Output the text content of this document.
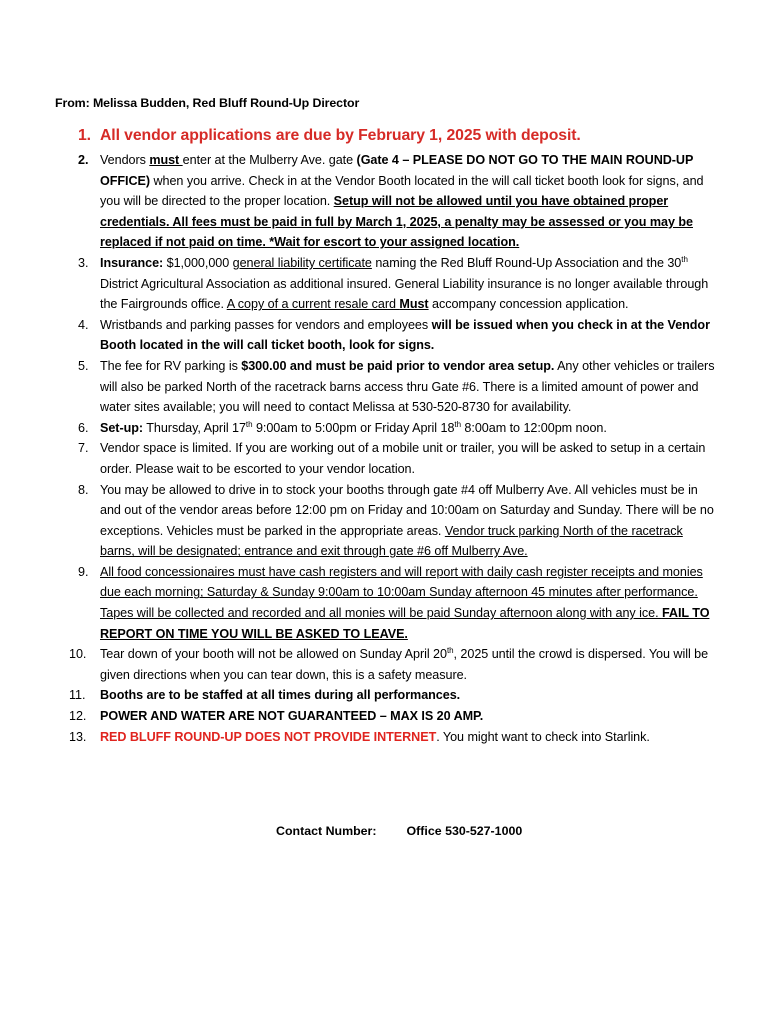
From: Melissa Budden, Red Bluff Round-Up Director
1. All vendor applications are due by February 1, 2025 with deposit.
2. Vendors must enter at the Mulberry Ave. gate (Gate 4 – PLEASE DO NOT GO TO THE MAIN ROUND-UP OFFICE) when you arrive. Check in at the Vendor Booth located in the will call ticket booth look for signs, and you will be directed to the proper location. Setup will not be allowed until you have obtained proper credentials. All fees must be paid in full by March 1, 2025, a penalty may be assessed or you may be replaced if not paid on time. *Wait for escort to your assigned location.
3. Insurance: $1,000,000 general liability certificate naming the Red Bluff Round-Up Association and the 30th District Agricultural Association as additional insured. General Liability insurance is no longer available through the Fairgrounds office. A copy of a current resale card Must accompany concession application.
4. Wristbands and parking passes for vendors and employees will be issued when you check in at the Vendor Booth located in the will call ticket booth, look for signs.
5. The fee for RV parking is $300.00 and must be paid prior to vendor area setup. Any other vehicles or trailers will also be parked North of the racetrack barns access thru Gate #6. There is a limited amount of power and water sites available; you will need to contact Melissa at 530-520-8730 for availability.
6. Set-up: Thursday, April 17th 9:00am to 5:00pm or Friday April 18th 8:00am to 12:00pm noon.
7. Vendor space is limited. If you are working out of a mobile unit or trailer, you will be asked to setup in a certain order. Please wait to be escorted to your vendor location.
8. You may be allowed to drive in to stock your booths through gate #4 off Mulberry Ave. All vehicles must be in and out of the vendor areas before 12:00 pm on Friday and 10:00am on Saturday and Sunday. There will be no exceptions. Vehicles must be parked in the appropriate areas. Vendor truck parking North of the racetrack barns, will be designated; entrance and exit through gate #6 off Mulberry Ave.
9. All food concessionaires must have cash registers and will report with daily cash register receipts and monies due each morning; Saturday & Sunday 9:00am to 10:00am Sunday afternoon 45 minutes after performance. Tapes will be collected and recorded and all monies will be paid Sunday afternoon along with any ice. FAIL TO REPORT ON TIME YOU WILL BE ASKED TO LEAVE.
10.	Tear down of your booth will not be allowed on Sunday April 20th, 2025 until the crowd is dispersed. You will be given directions when you can tear down, this is a safety measure.
11.	Booths are to be staffed at all times during all performances.
12.	POWER AND WATER ARE NOT GUARANTEED – MAX IS 20 AMP.
13.	RED BLUFF ROUND-UP DOES NOT PROVIDE INTERNET. You might want to check into Starlink.
Contact Number: Office 530-527-1000
